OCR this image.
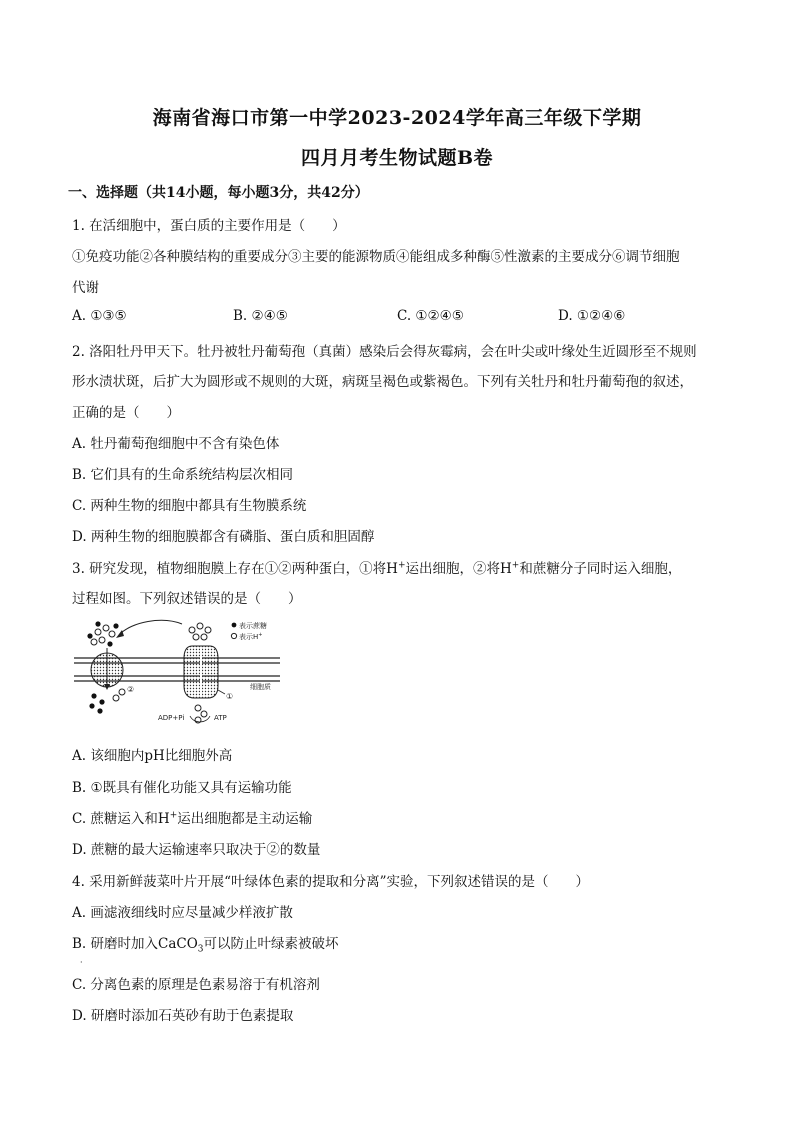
海南省海口市第一中学2023-2024学年高三年级下学期
四月月考生物试题B卷
一、选择题（共14小题，每小题3分，共42分）
1. 在活细胞中，蛋白质的主要作用是（　　）
①免疫功能②各种膜结构的重要成分③主要的能源物质④能组成多种酶⑤性激素的主要成分⑥调节细胞
代谢
A. ①③⑤	B. ②④⑤	C. ①②④⑤	D. ①②④⑥
2. 洛阳牡丹甲天下。牡丹被牡丹葡萄孢（真菌）感染后会得灰霉病，会在叶尖或叶缘处生近圆形至不规则
形水渍状斑，后扩大为圆形或不规则的大斑，病斑呈褐色或紫褐色。下列有关牡丹和牡丹葡萄孢的叙述，
正确的是（　　）
A. 牡丹葡萄孢细胞中不含有染色体
B. 它们具有的生命系统结构层次相同
C. 两种生物的细胞中都具有生物膜系统
D. 两种生物的细胞膜都含有磷脂、蛋白质和胆固醇
3. 研究发现，植物细胞膜上存在①②两种蛋白，①将H+运出细胞，②将H+和蔗糖分子同时运入细胞，
过程如图。下列叙述错误的是（　　）
②
①
ADP+Pi	ATP
表示蔗糖
表示H+
细胞质
A. 该细胞内pH比细胞外高
B. ①既具有催化功能又具有运输功能
C. 蔗糖运入和H+运出细胞都是主动运输
D. 蔗糖的最大运输速率只取决于②的数量
4. 采用新鲜菠菜叶片开展“叶绿体色素的提取和分离”实验，下列叙述错误的是（　　）
A. 画滤液细线时应尽量减少样液扩散
B. 研磨时加入CaCO$_3$可以防止叶绿素被破坏
·
C. 分离色素的原理是色素易溶于有机溶剂
D. 研磨时添加石英砂有助于色素提取
